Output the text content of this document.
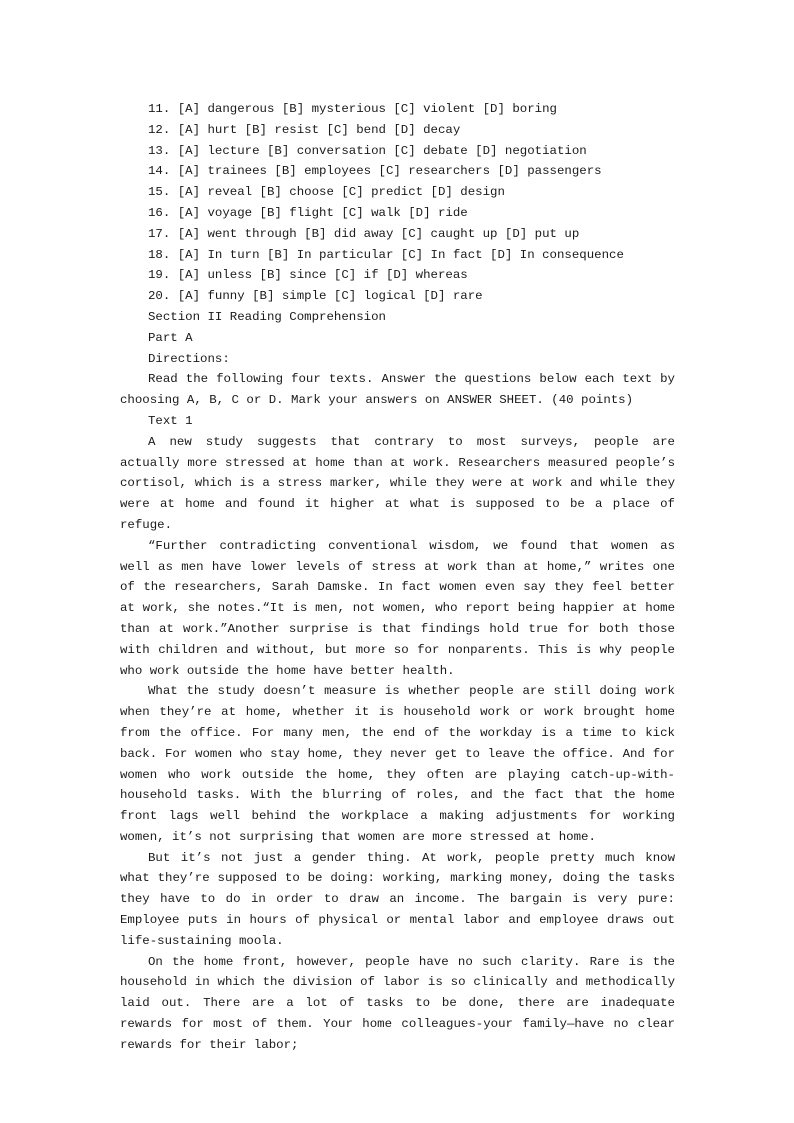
11. [A] dangerous [B] mysterious [C] violent [D] boring
12. [A] hurt [B] resist [C] bend [D] decay
13. [A] lecture [B] conversation [C] debate [D] negotiation
14. [A] trainees [B] employees [C] researchers [D] passengers
15. [A] reveal [B] choose [C] predict [D] design
16. [A] voyage [B] flight [C] walk [D] ride
17. [A] went through [B] did away [C] caught up [D] put up
18. [A] In turn [B] In particular [C] In fact [D] In consequence
19. [A] unless [B] since [C] if [D] whereas
20. [A] funny [B] simple [C] logical [D] rare
Section II Reading Comprehension
Part A
Directions:

Read the following four texts. Answer the questions below each text by choosing A, B, C or D. Mark your answers on ANSWER SHEET. (40 points)

Text 1

A new study suggests that contrary to most surveys, people are actually more stressed at home than at work. Researchers measured people’s cortisol, which is a stress marker, while they were at work and while they were at home and found it higher at what is supposed to be a place of refuge.

“Further contradicting conventional wisdom, we found that women as well as men have lower levels of stress at work than at home,” writes one of the researchers, Sarah Damske. In fact women even say they feel better at work, she notes.“It is men, not women, who report being happier at home than at work.”Another surprise is that findings hold true for both those with children and without, but more so for nonparents. This is why people who work outside the home have better health.

What the study doesn’t measure is whether people are still doing work when they’re at home, whether it is household work or work brought home from the office. For many men, the end of the workday is a time to kick back. For women who stay home, they never get to leave the office. And for women who work outside the home, they often are playing catch-up-with-household tasks. With the blurring of roles, and the fact that the home front lags well behind the workplace a making adjustments for working women, it’s not surprising that women are more stressed at home.

But it’s not just a gender thing. At work, people pretty much know what they’re supposed to be doing: working, marking money, doing the tasks they have to do in order to draw an income. The bargain is very pure: Employee puts in hours of physical or mental labor and employee draws out life-sustaining moola.

On the home front, however, people have no such clarity. Rare is the household in which the division of labor is so clinically and methodically laid out. There are a lot of tasks to be done, there are inadequate rewards for most of them. Your home colleagues-your family—have no clear rewards for their labor;
